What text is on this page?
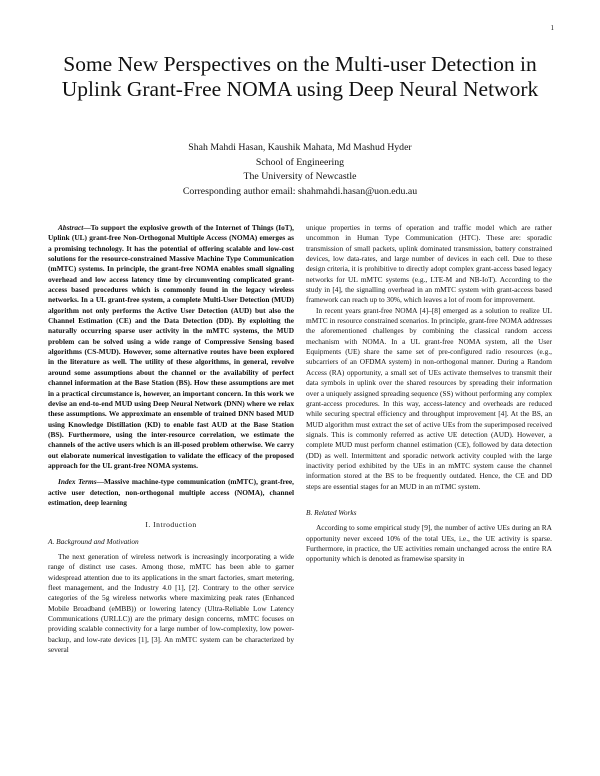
1
Some New Perspectives on the Multi-user Detection in Uplink Grant-Free NOMA using Deep Neural Network
Shah Mahdi Hasan, Kaushik Mahata, Md Mashud Hyder
School of Engineering
The University of Newcastle
Corresponding author email: shahmahdi.hasan@uon.edu.au

Abstract—To support the explosive growth of the Internet of Things (IoT), Uplink (UL) grant-free Non-Orthogonal Multiple Access (NOMA) emerges as a promising technology. It has the potential of offering scalable and low-cost solutions for the resource-constrained Massive Machine Type Communication (mMTC) systems. In principle, the grant-free NOMA enables small signaling overhead and low access latency time by circumventing complicated grant-access based procedures which is commonly found in the legacy wireless networks. In a UL grant-free system, a complete Multi-User Detection (MUD) algorithm not only performs the Active User Detection (AUD) but also the Channel Estimation (CE) and the Data Detection (DD). By exploiting the naturally occurring sparse user activity in the mMTC systems, the MUD problem can be solved using a wide range of Compressive Sensing based algorithms (CS-MUD). However, some alternative routes have been explored in the literature as well. The utility of these algorithms, in general, revolve around some assumptions about the channel or the availability of perfect channel information at the Base Station (BS). How these assumptions are met in a practical circumstance is, however, an important concern. In this work we devise an end-to-end MUD using Deep Neural Network (DNN) where we relax these assumptions. We approximate an ensemble of trained DNN based MUD using Knowledge Distillation (KD) to enable fast AUD at the Base Station (BS). Furthermore, using the inter-resource correlation, we estimate the channels of the active users which is an ill-posed problem otherwise. We carry out elaborate numerical investigation to validate the efficacy of the proposed approach for the UL grant-free NOMA systems.

Index Terms—Massive machine-type communication (mMTC), grant-free, active user detection, non-orthogonal multiple access (NOMA), channel estimation, deep learning

I. Introduction
A. Background and Motivation

The next generation of wireless network is increasingly incorporating a wide range of distinct use cases. Among those, mMTC has been able to garner widespread attention due to its applications in the smart factories, smart metering, fleet management, and the Industry 4.0 [1], [2]. Contrary to the other service categories of the 5g wireless networks where maximizing peak rates (Enhanced Mobile Broadband (eMBB)) or lowering latency (Ultra-Reliable Low Latency Communications (URLLC)) are the primary design concerns, mMTC focuses on providing scalable connectivity for a large number of low-complexity, low power-backup, and low-rate devices [1], [3]. An mMTC system can be characterized by several

unique properties in terms of operation and traffic model which are rather uncommon in Human Type Communication (HTC). These are: sporadic transmission of small packets, uplink dominated transmission, battery constrained devices, low data-rates, and large number of devices in each cell. Due to these design criteria, it is prohibitive to directly adopt complex grant-access based legacy networks for UL mMTC systems (e.g., LTE-M and NB-IoT). According to the study in [4], the signalling overhead in an mMTC system with grant-access based framework can reach up to 30%, which leaves a lot of room for improvement.

In recent years grant-free NOMA [4]–[8] emerged as a solution to realize UL mMTC in resource constrained scenarios. In principle, grant-free NOMA addresses the aforementioned challenges by combining the classical random access mechanism with NOMA. In a UL grant-free NOMA system, all the User Equipments (UE) share the same set of pre-configured radio resources (e.g., subcarriers of an OFDMA system) in non-orthogonal manner. During a Random Access (RA) opportunity, a small set of UEs activate themselves to transmit their data symbols in uplink over the shared resources by spreading their information over a uniquely assigned spreading sequence (SS) without performing any complex grant-access procedures. In this way, access-latency and overheads are reduced while securing spectral efficiency and throughput improvement [4]. At the BS, an MUD algorithm must extract the set of active UEs from the superimposed received signals. This is commonly referred as active UE detection (AUD). However, a complete MUD must perform channel estimation (CE), followed by data detection (DD) as well. Intermittent and sporadic network activity coupled with the large inactivity period exhibited by the UEs in an mMTC system cause the channel information stored at the BS to be frequently outdated. Hence, the CE and DD steps are essential stages for an MUD in an mTMC system.

B. Related Works

According to some empirical study [9], the number of active UEs during an RA opportunity never exceed 10% of the total UEs, i.e., the UE activity is sparse. Furthermore, in practice, the UE activities remain unchanged across the entire RA opportunity which is denoted as framewise sparsity in
